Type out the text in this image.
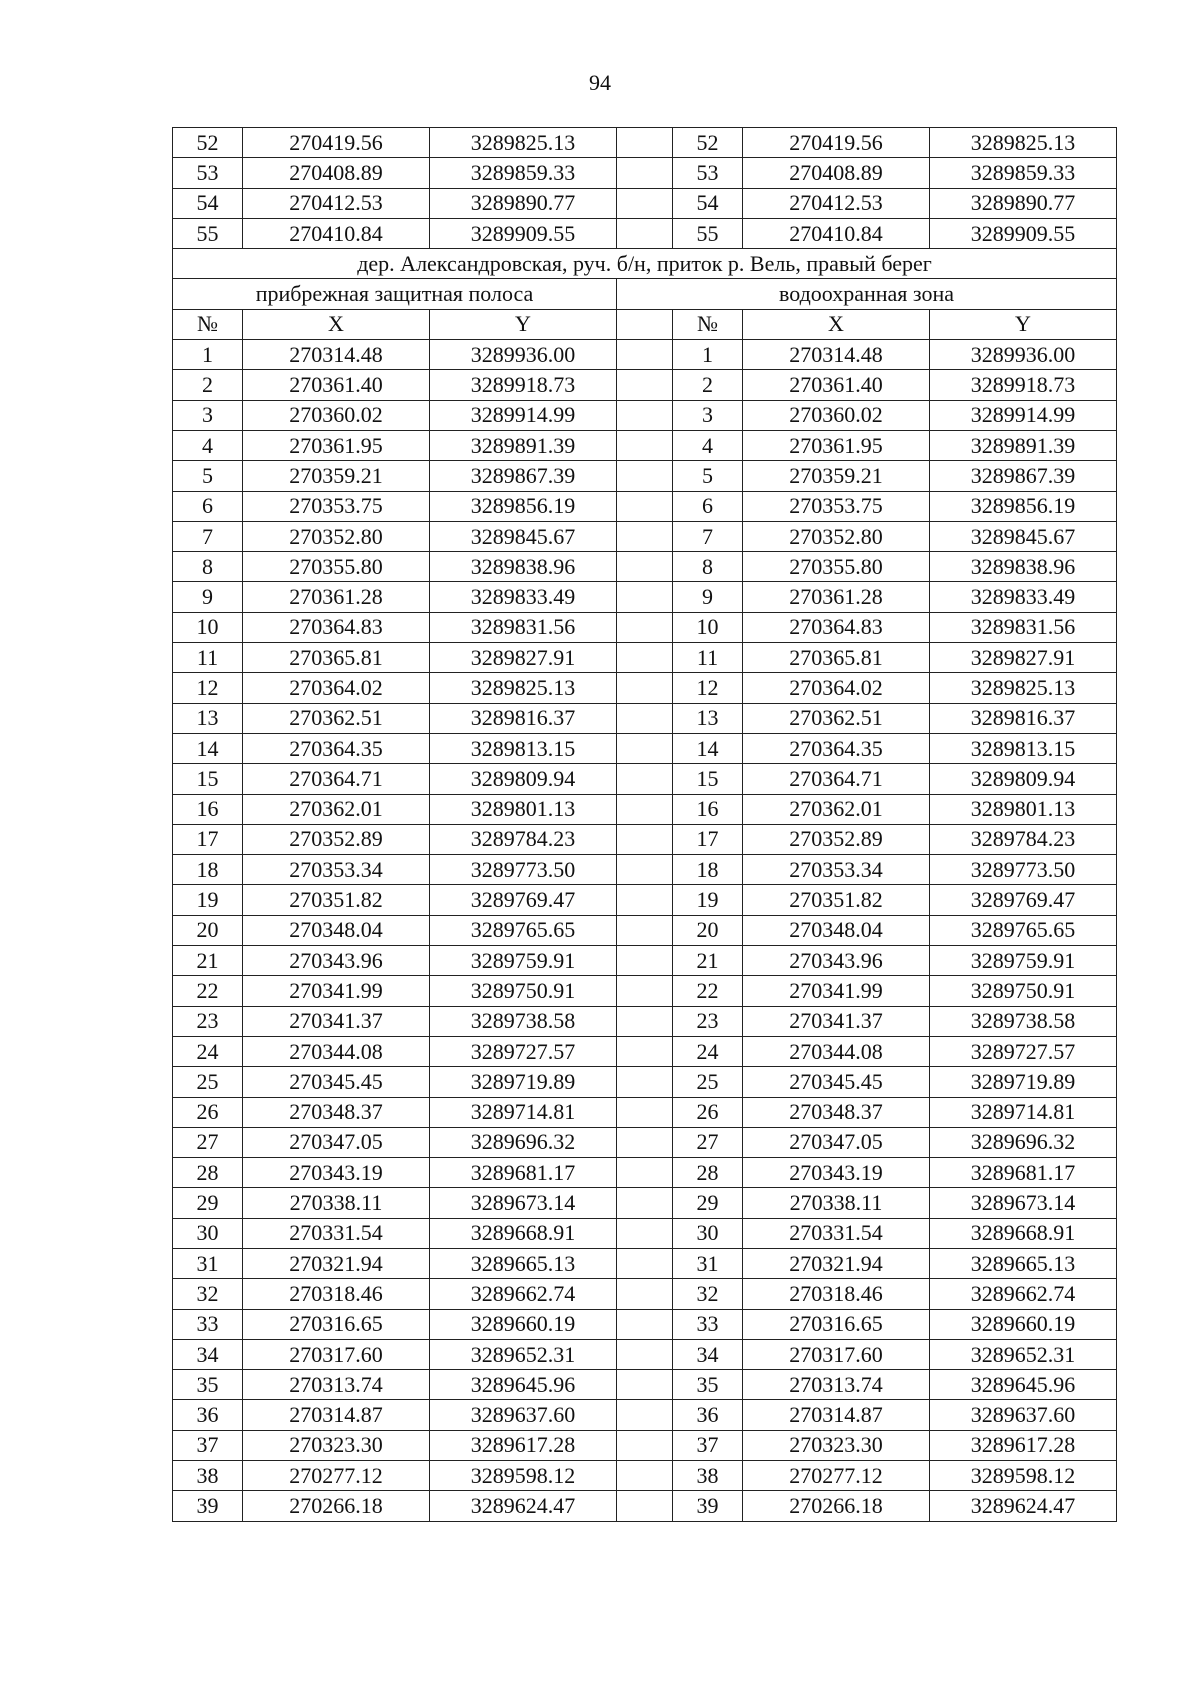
94
52	270419.56	3289825.13		52	270419.56	3289825.13
53	270408.89	3289859.33		53	270408.89	3289859.33
54	270412.53	3289890.77		54	270412.53	3289890.77
55	270410.84	3289909.55		55	270410.84	3289909.55
дер. Александровская, руч. б/н, приток р. Вель, правый берег						
прибрежная защитная полоса			водоохранная зона			
№	X	Y		№	X	Y
1	270314.48	3289936.00		1	270314.48	3289936.00
2	270361.40	3289918.73		2	270361.40	3289918.73
3	270360.02	3289914.99		3	270360.02	3289914.99
4	270361.95	3289891.39		4	270361.95	3289891.39
5	270359.21	3289867.39		5	270359.21	3289867.39
6	270353.75	3289856.19		6	270353.75	3289856.19
7	270352.80	3289845.67		7	270352.80	3289845.67
8	270355.80	3289838.96		8	270355.80	3289838.96
9	270361.28	3289833.49		9	270361.28	3289833.49
10	270364.83	3289831.56		10	270364.83	3289831.56
11	270365.81	3289827.91		11	270365.81	3289827.91
12	270364.02	3289825.13		12	270364.02	3289825.13
13	270362.51	3289816.37		13	270362.51	3289816.37
14	270364.35	3289813.15		14	270364.35	3289813.15
15	270364.71	3289809.94		15	270364.71	3289809.94
16	270362.01	3289801.13		16	270362.01	3289801.13
17	270352.89	3289784.23		17	270352.89	3289784.23
18	270353.34	3289773.50		18	270353.34	3289773.50
19	270351.82	3289769.47		19	270351.82	3289769.47
20	270348.04	3289765.65		20	270348.04	3289765.65
21	270343.96	3289759.91		21	270343.96	3289759.91
22	270341.99	3289750.91		22	270341.99	3289750.91
23	270341.37	3289738.58		23	270341.37	3289738.58
24	270344.08	3289727.57		24	270344.08	3289727.57
25	270345.45	3289719.89		25	270345.45	3289719.89
26	270348.37	3289714.81		26	270348.37	3289714.81
27	270347.05	3289696.32		27	270347.05	3289696.32
28	270343.19	3289681.17		28	270343.19	3289681.17
29	270338.11	3289673.14		29	270338.11	3289673.14
30	270331.54	3289668.91		30	270331.54	3289668.91
31	270321.94	3289665.13		31	270321.94	3289665.13
32	270318.46	3289662.74		32	270318.46	3289662.74
33	270316.65	3289660.19		33	270316.65	3289660.19
34	270317.60	3289652.31		34	270317.60	3289652.31
35	270313.74	3289645.96		35	270313.74	3289645.96
36	270314.87	3289637.60		36	270314.87	3289637.60
37	270323.30	3289617.28		37	270323.30	3289617.28
38	270277.12	3289598.12		38	270277.12	3289598.12
39	270266.18	3289624.47		39	270266.18	3289624.47
